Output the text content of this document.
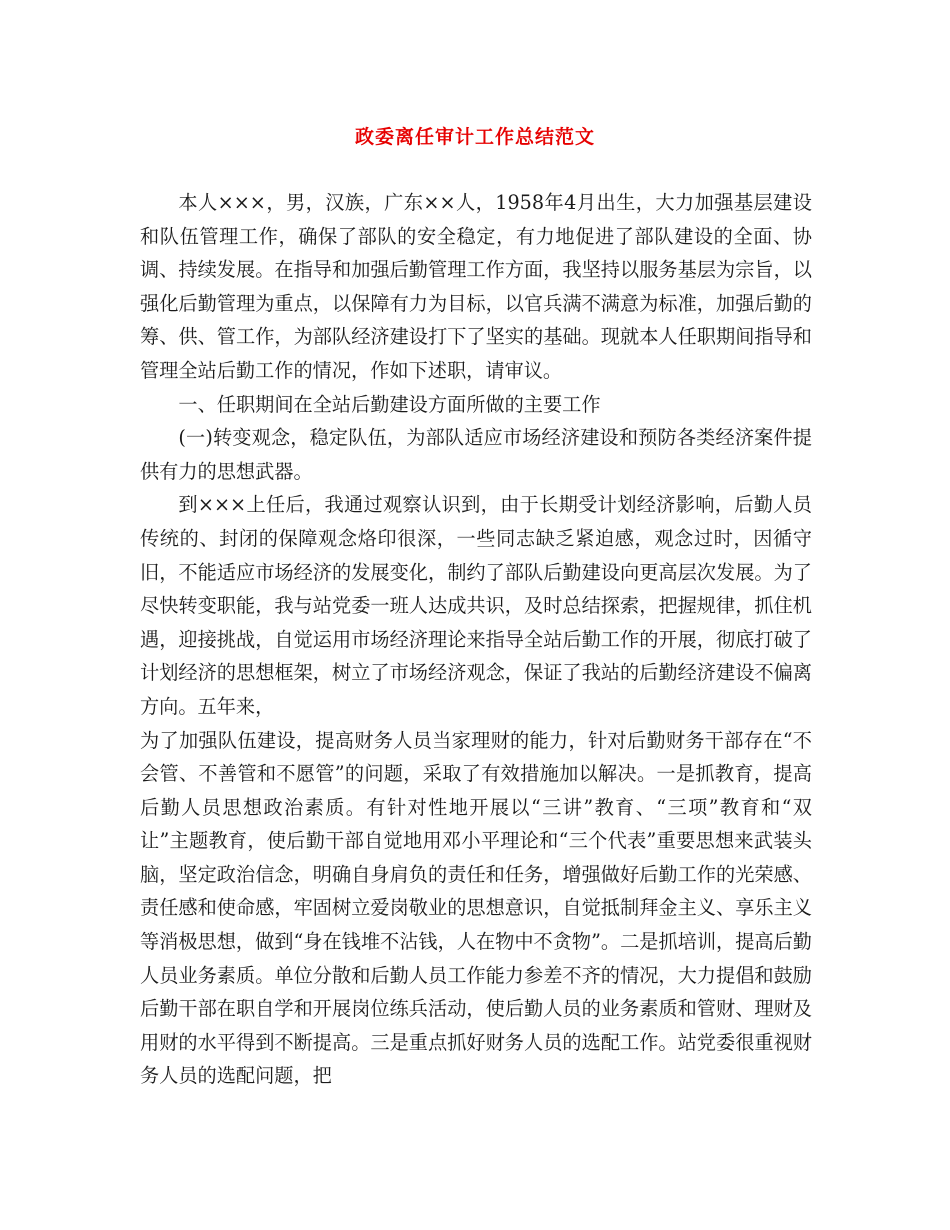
政委离任审计工作总结范文

本人×××，男，汉族，广东××人，1958年4月出生，大力加强基层建设和队伍管理工作，确保了部队的安全稳定，有力地促进了部队建设的全面、协调、持续发展。在指导和加强后勤管理工作方面，我坚持以服务基层为宗旨，以强化后勤管理为重点，以保障有力为目标，以官兵满不满意为标准，加强后勤的筹、供、管工作，为部队经济建设打下了坚实的基础。现就本人任职期间指导和管理全站后勤工作的情况，作如下述职，请审议。

一、任职期间在全站后勤建设方面所做的主要工作

(一)转变观念，稳定队伍，为部队适应市场经济建设和预防各类经济案件提供有力的思想武器。

到×××上任后，我通过观察认识到，由于长期受计划经济影响，后勤人员传统的、封闭的保障观念烙印很深，一些同志缺乏紧迫感，观念过时，因循守旧，不能适应市场经济的发展变化，制约了部队后勤建设向更高层次发展。为了尽快转变职能，我与站党委一班人达成共识，及时总结探索，把握规律，抓住机遇，迎接挑战，自觉运用市场经济理论来指导全站后勤工作的开展，彻底打破了计划经济的思想框架，树立了市场经济观念，保证了我站的后勤经济建设不偏离方向。五年来，

为了加强队伍建设，提高财务人员当家理财的能力，针对后勤财务干部存在“不会管、不善管和不愿管”的问题，采取了有效措施加以解决。一是抓教育，提高后勤人员思想政治素质。有针对性地开展以“三讲”教育、“三项”教育和“双让”主题教育，使后勤干部自觉地用邓小平理论和“三个代表”重要思想来武装头脑，坚定政治信念，明确自身肩负的责任和任务，增强做好后勤工作的光荣感、责任感和使命感，牢固树立爱岗敬业的思想意识，自觉抵制拜金主义、享乐主义等消极思想，做到“身在钱堆不沾钱，人在物中不贪物”。二是抓培训，提高后勤人员业务素质。单位分散和后勤人员工作能力参差不齐的情况，大力提倡和鼓励后勤干部在职自学和开展岗位练兵活动，使后勤人员的业务素质和管财、理财及用财的水平得到不断提高。三是重点抓好财务人员的选配工作。站党委很重视财务人员的选配问题，把
